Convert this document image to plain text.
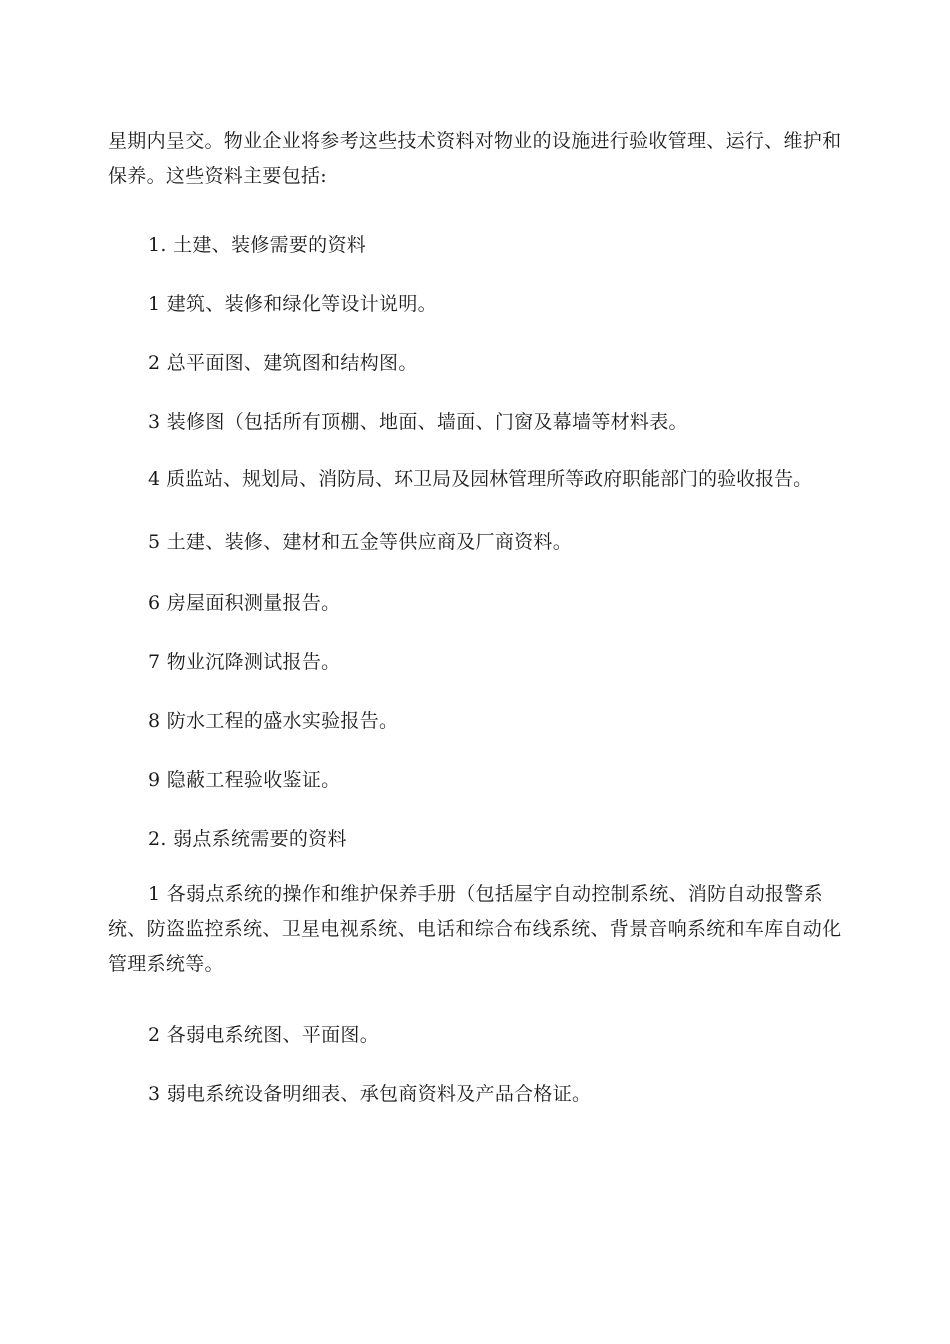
星期内呈交。物业企业将参考这些技术资料对物业的设施进行验收管理、运行、维护和保养。这些资料主要包括:

1. 土建、装修需要的资料

1 建筑、装修和绿化等设计说明。

2 总平面图、建筑图和结构图。

3 装修图（包括所有顶棚、地面、墙面、门窗及幕墙等材料表。

4 质监站、规划局、消防局、环卫局及园林管理所等政府职能部门的验收报告。

5 土建、装修、建材和五金等供应商及厂商资料。

6 房屋面积测量报告。

7 物业沉降测试报告。

8 防水工程的盛水实验报告。

9 隐蔽工程验收鉴证。

2. 弱点系统需要的资料

1 各弱点系统的操作和维护保养手册（包括屋宇自动控制系统、消防自动报警系统、防盗监控系统、卫星电视系统、电话和综合布线系统、背景音响系统和车库自动化管理系统等。

2 各弱电系统图、平面图。

3 弱电系统设备明细表、承包商资料及产品合格证。
